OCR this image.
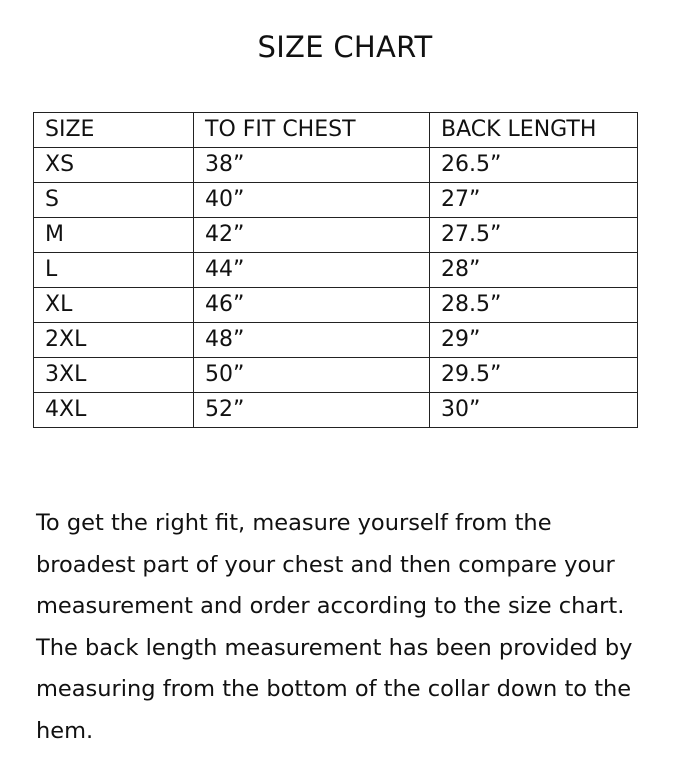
SIZE CHART
SIZE	TO FIT CHEST	BACK LENGTH
XS	38”	26.5”
S	40”	27”
M	42”	27.5”
L	44”	28”
XL	46”	28.5”
2XL	48”	29”
3XL	50”	29.5”
4XL	52”	30”
To get the right fit, measure yourself from the
broadest part of your chest and then compare your
measurement and order according to the size chart.
The back length measurement has been provided by
measuring from the bottom of the collar down to the
hem.
